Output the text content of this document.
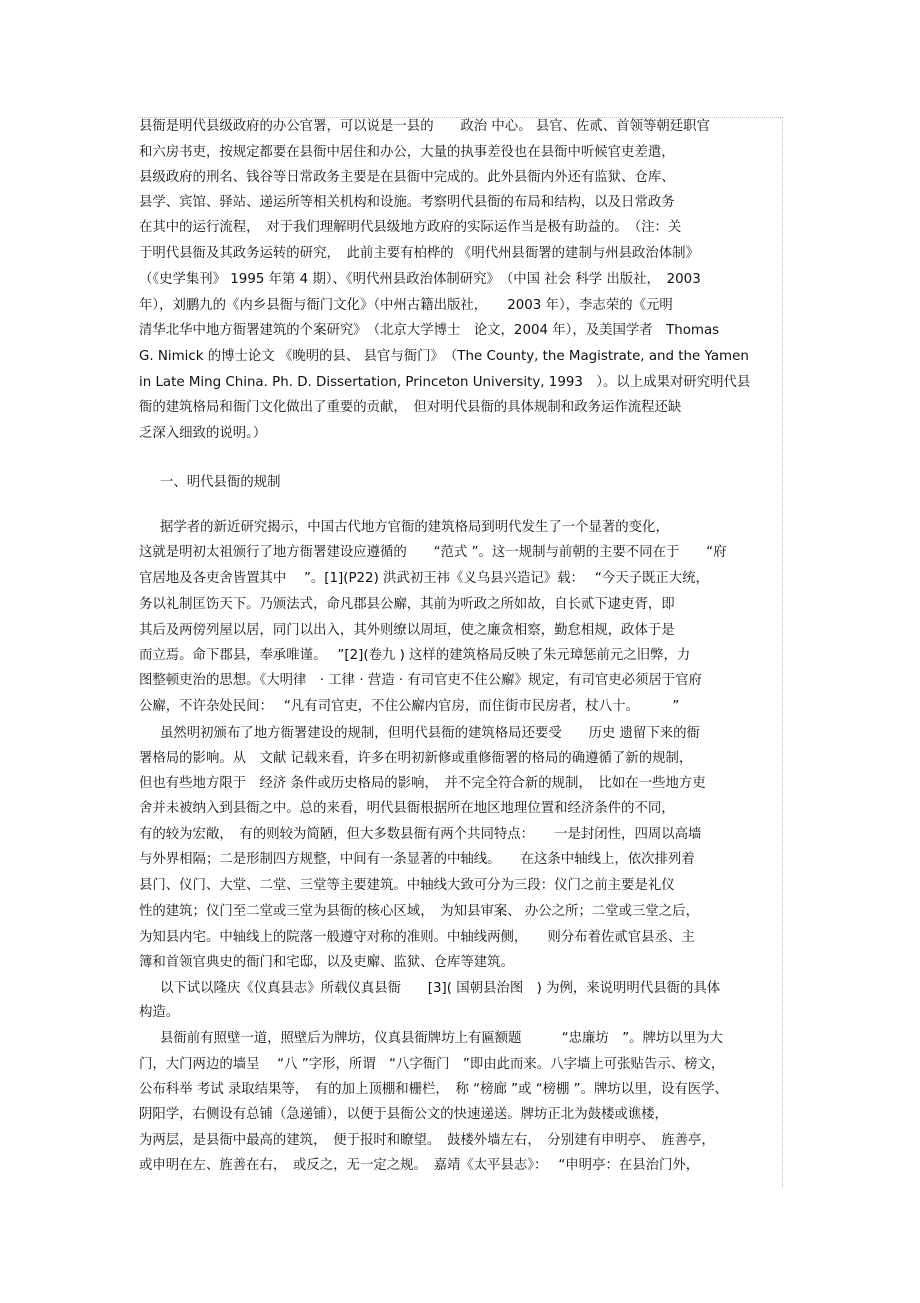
县衙是明代县级政府的办公官署，可以说是一县的　　政治 中心。 县官、佐贰、首领等朝廷职官
和六房书吏，按规定都要在县衙中居住和办公，大量的执事差役也在县衙中听候官吏差遣，
县级政府的刑名、钱谷等日常政务主要是在县衙中完成的。此外县衙内外还有监狱、仓库、
县学、宾馆、驿站、递运所等相关机构和设施。考察明代县衙的布局和结构，以及日常政务
在其中的运行流程，　对于我们理解明代县级地方政府的实际运作当是极有助益的。　（注：关
于明代县衙及其政务运转的研究，　此前主要有柏桦的 《明代州县衙署的建制与州县政治体制》
（《史学集刊》 1995 年第 4 期）、《明代州县政治体制研究》　（中国 社会 科学 出版社，　2003
年），刘鹏九的《内乡县衙与衙门文化》（中州古籍出版社，　　2003 年），李志荣的《元明
清华北华中地方衙署建筑的个案研究》　（北京大学博士　论文，2004 年），及美国学者　Thomas
G. Nimick 的博士论文 《晚明的县、 县官与衙门》　（The County, the Magistrate, and the Yamen
in Late Ming China. Ph. D. Dissertation, Princeton University, 1993　）。以上成果对研究明代县
衙的建筑格局和衙门文化做出了重要的贡献，　但对明代县衙的具体规制和政务运作流程还缺
乏深入细致的说明。）
一、明代县衙的规制
据学者的新近研究揭示，中国古代地方官衙的建筑格局到明代发生了一个显著的变化，
这就是明初太祖颁行了地方衙署建设应遵循的　　“范式 ”。这一规制与前朝的主要不同在于　　“府
官居地及各吏舍皆置其中　 ”。[1](P22) 洪武初王祎《义乌县兴造记》载：　 “今天子既正大统，
务以礼制匡饬天下。乃颁法式，命凡郡县公廨，其前为听政之所如故，自长贰下逮吏胥，即
其后及两傍列屋以居，同门以出入，其外则缭以周垣，使之廉贪相察，勤怠相规，政体于是
而立焉。命下郡县，奉承唯谨。　 ”[2](卷九 ) 这样的建筑格局反映了朱元璋惩前元之旧弊，力
图整顿吏治的思想。《大明律　· 工律 · 营造 · 有司官吏不住公廨》规定，有司官吏必须居于官府
公廨，不许杂处民间：　 “凡有司官吏，不住公廨内官房，而住街市民房者，杖八十。　　　”
虽然明初颁布了地方衙署建设的规制，但明代县衙的建筑格局还要受　　历史 遗留下来的衙
署格局的影响。从　文献 记载来看，许多在明初新修或重修衙署的格局的确遵循了新的规制，
但也有些地方限于　经济 条件或历史格局的影响，　并不完全符合新的规制，　比如在一些地方吏
舍并未被纳入到县衙之中。总的来看，明代县衙根据所在地区地理位置和经济条件的不同，
有的较为宏敞，　有的则较为简陋，但大多数县衙有两个共同特点：　　一是封闭性，四周以高墙
与外界相隔；二是形制四方规整，中间有一条显著的中轴线。　　在这条中轴线上，依次排列着
县门、仪门、大堂、二堂、三堂等主要建筑。中轴线大致可分为三段：仪门之前主要是礼仪
性的建筑；仪门至二堂或三堂为县衙的核心区域，　为知县审案、 办公之所；二堂或三堂之后，
为知县内宅。中轴线上的院落一般遵守对称的准则。中轴线两侧，　　则分布着佐贰官县丞、主
簿和首领官典史的衙门和宅邸，以及吏廨、监狱、仓库等建筑。
以下试以隆庆《仪真县志》所载仪真县衙　　[3]( 国朝县治图　) 为例，来说明明代县衙的具体
构造。
县衙前有照壁一道，照壁后为牌坊，仪真县衙牌坊上有匾额题　　　“忠廉坊　”。牌坊以里为大
门，大门两边的墙呈　 “八 ”字形，所谓　“八字衙门　”即由此而来。八字墙上可张贴告示、榜文，
公布科举 考试 录取结果等，　有的加上顶棚和栅栏，　称 “榜廊 ”或 “榜棚 ”。牌坊以里，设有医学、
阴阳学，右侧设有总铺（急递铺），以便于县衙公文的快速递送。牌坊正北为鼓楼或谯楼，
为两层，是县衙中最高的建筑，　便于报时和瞭望。　鼓楼外墙左右，　分别建有申明亭、　旌善亭，
或申明在左、旌善在右，　或反之，无一定之规。　嘉靖《太平县志》：　 “申明亭：在县治门外，
